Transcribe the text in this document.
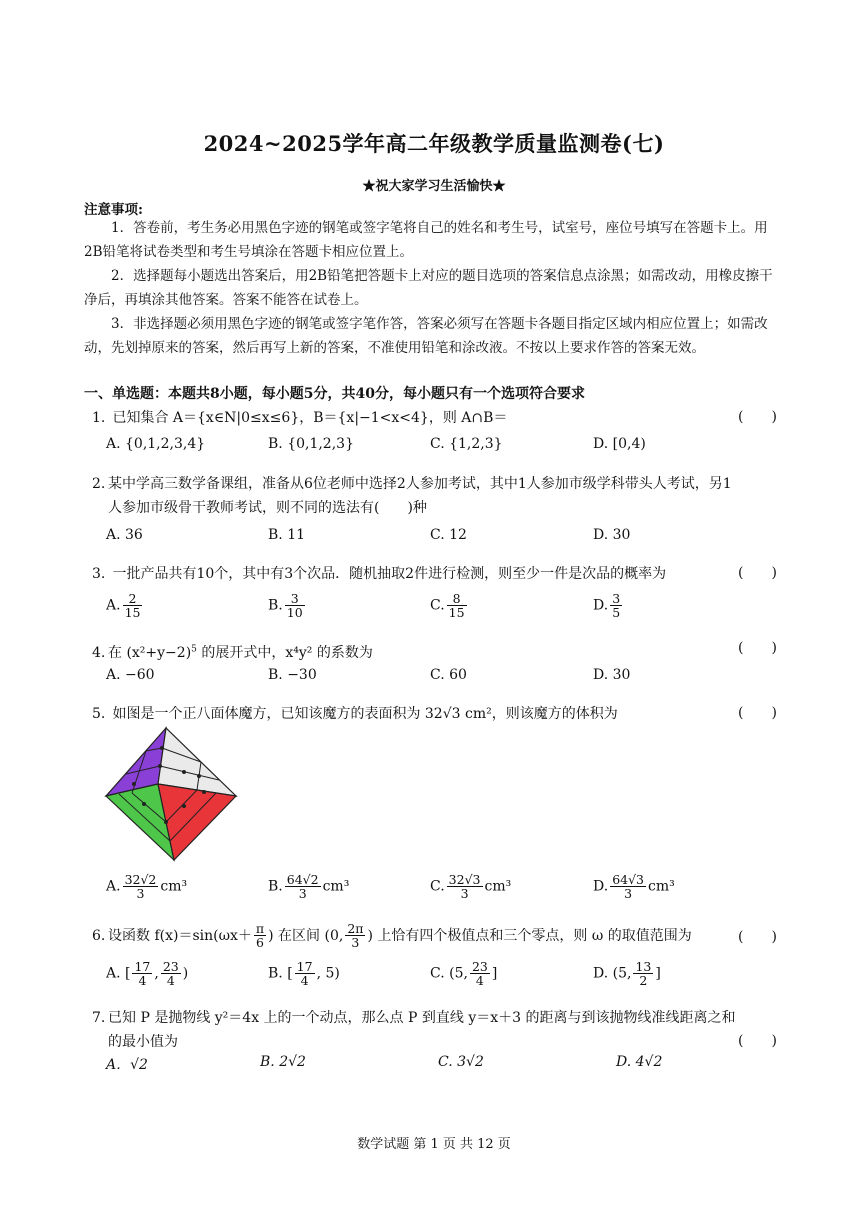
2024~2025学年高二年级教学质量监测卷(七)
★祝大家学习生活愉快★
注意事项:
1．答卷前，考生务必用黑色字迹的钢笔或签字笔将自己的姓名和考生号，试室号，座位号填写在答题卡上。用2B铅笔将试卷类型和考生号填涂在答题卡相应位置上。
2．选择题每小题选出答案后，用2B铅笔把答题卡上对应的题目选项的答案信息点涂黑；如需改动，用橡皮擦干净后，再填涂其他答案。答案不能答在试卷上。
3．非选择题必须用黑色字迹的钢笔或签字笔作答，答案必须写在答题卡各题目指定区域内相应位置上；如需改动，先划掉原来的答案，然后再写上新的答案，不准使用铅笔和涂改液。不按以上要求作答的答案无效。
一、单选题：本题共8小题，每小题5分，共40分，每小题只有一个选项符合要求
1. 已知集合 A＝{x∈N|0≤x≤6}，B＝{x|−1<x<4}，则 A∩B＝	(　　)
A. {0,1,2,3,4}	B. {0,1,2,3}	C. {1,2,3}	D. [0,4)
2. 某中学高三数学备课组，准备从6位老师中选择2人参加考试，其中1人参加市级学科带头人考试，另1
人参加市级骨干教师考试，则不同的选法有(　　)种
A. 36	B. 11	C. 12	D. 30
3. 一批产品共有10个，其中有3个次品．随机抽取2件进行检测，则至少一件是次品的概率为	(　　)
A. $\frac{2}{15}$	B. $\frac{3}{10}$	C. $\frac{8}{15}$	D. $\frac{3}{5}$
4. 在 $(x^2+y-2)^5$ 的展开式中，x⁴y² 的系数为	(　　)
A. −60	B. −30	C. 60	D. 30
5. 如图是一个正八面体魔方，已知该魔方的表面积为 32√3 cm²，则该魔方的体积为	(　　)
A. $\frac{32√2}{3} cm^3$	B. $\frac{64√2}{3} cm^3$	C. $\frac{32√3}{3} cm^3$	D. $\frac{64√3}{3} cm^3$
6. 设函数 $f(x)=\sin(\omega x+ \frac{\pi}{6}$ ) 在区间 (0, $\frac{2\pi}{3}$ ) 上恰有四个极值点和三个零点，则 ω 的取值范围为	(　　)
A. [ $\frac{17}{4}$ , $\frac{23}{4}$ )	B. [ $\frac{17}{4}$ , 5)	C. (5, $\frac{23}{4}$ ]	D. (5, $\frac{13}{2}$ ]
7. 已知 P 是抛物线 y²＝4x 上的一个动点，那么点 P 到直线 y＝x＋3 的距离与到该抛物线准线距离之和
的最小值为	(　　)
A．√2	B. 2√2	C. 3√2	D. 4√2
数学试题 第 1 页 共 12 页
